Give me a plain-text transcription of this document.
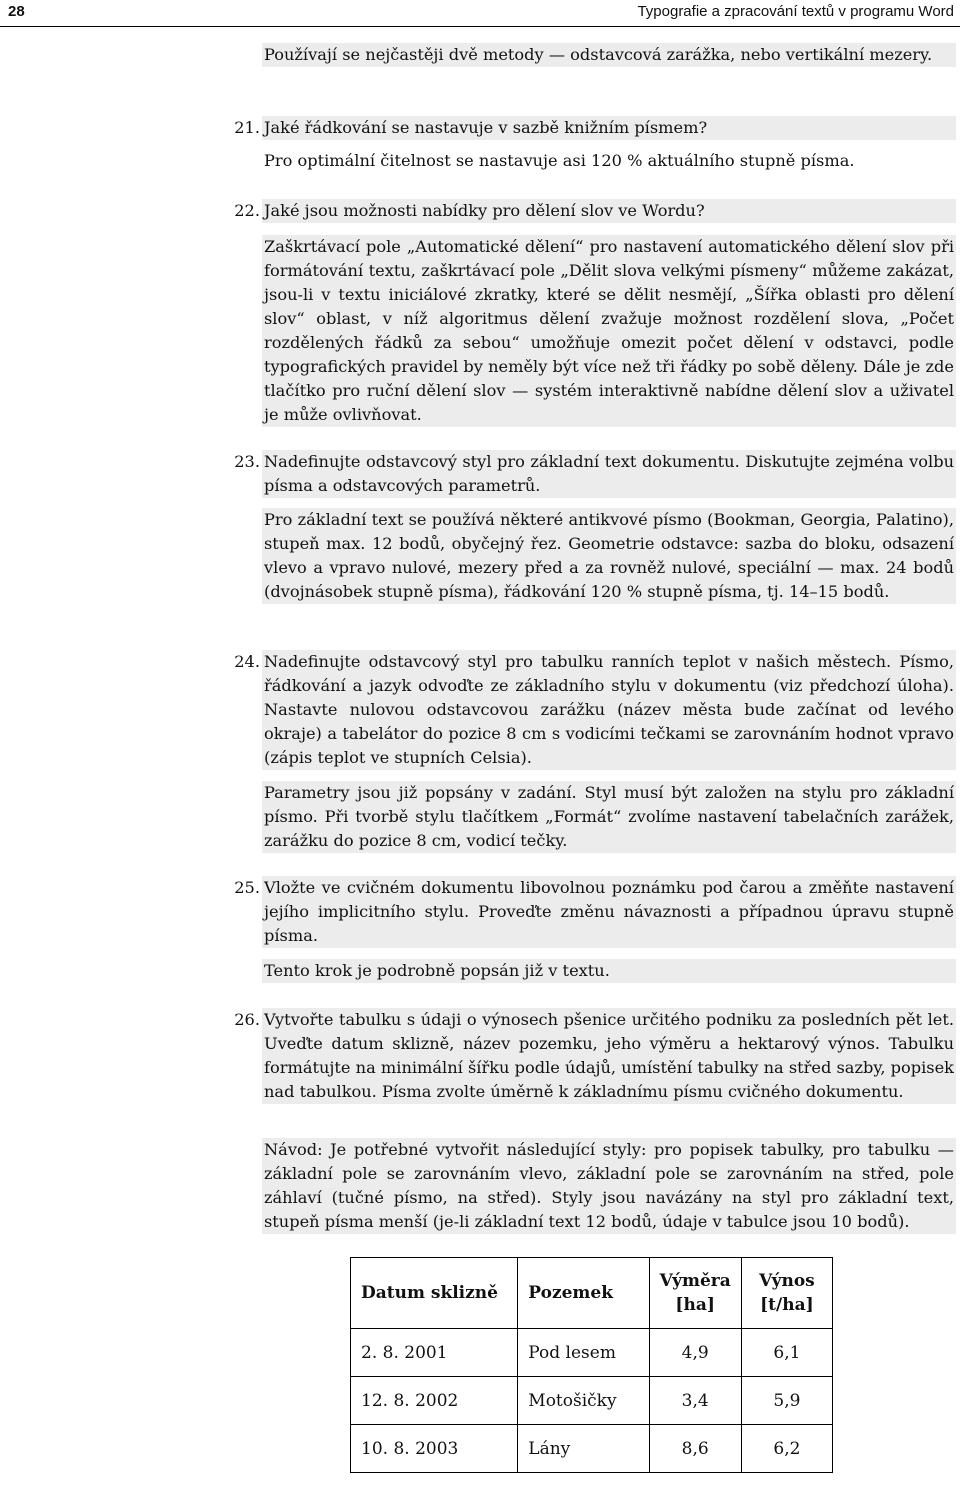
28	Typografie a zpracování textů v programu Word
Používají se nejčastěji dvě metody — odstavcová zarážka, nebo vertikální mezery.
21. Jaké řádkování se nastavuje v sazbě knižním písmem?
Pro optimální čitelnost se nastavuje asi 120 % aktuálního stupně písma.
22. Jaké jsou možnosti nabídky pro dělení slov ve Wordu?
Zaškrtávací pole „Automatické dělení“ pro nastavení automatického dělení slov při formátování textu, zaškrtávací pole „Dělit slova velkými písmeny“ můžeme zakázat, jsou-li v textu iniciálové zkratky, které se dělit nesmějí, „Šířka oblasti pro dělení slov“ oblast, v níž algoritmus dělení zvažuje možnost rozdělení slova, „Počet rozdělených řádků za sebou“ umožňuje omezit počet dělení v odstavci, podle typografických pravidel by neměly být více než tři řádky po sobě děleny. Dále je zde tlačítko pro ruční dělení slov — systém interaktivně nabídne dělení slov a uživatel je může ovlivňovat.
23. Nadefinujte odstavcový styl pro základní text dokumentu. Diskutujte zejména volbu písma a odstavcových parametrů.
Pro základní text se používá některé antikvové písmo (Bookman, Georgia, Palatino), stupeň max. 12 bodů, obyčejný řez. Geometrie odstavce: sazba do bloku, odsazení vlevo a vpravo nulové, mezery před a za rovněž nulové, speciální — max. 24 bodů (dvojnásobek stupně písma), řádkování 120 % stupně písma, tj. 14–15 bodů.
24. Nadefinujte odstavcový styl pro tabulku ranních teplot v našich městech. Písmo, řádkování a jazyk odvoďte ze základního stylu v dokumentu (viz předchozí úloha). Nastavte nulovou odstavcovou zarážku (název města bude začínat od levého okraje) a tabelátor do pozice 8 cm s vodicími tečkami se zarovnáním hodnot vpravo (zápis teplot ve stupních Celsia).
Parametry jsou již popsány v zadání. Styl musí být založen na stylu pro základní písmo. Při tvorbě stylu tlačítkem „Formát“ zvolíme nastavení tabelačních zarážek, zarážku do pozice 8 cm, vodicí tečky.
25. Vložte ve cvičném dokumentu libovolnou poznámku pod čarou a změňte nastavení jejího implicitního stylu. Proveďte změnu návaznosti a případnou úpravu stupně písma.
Tento krok je podrobně popsán již v textu.
26. Vytvořte tabulku s údaji o výnosech pšenice určitého podniku za posledních pět let. Uveďte datum sklizně, název pozemku, jeho výměru a hektarový výnos. Tabulku formátujte na minimální šířku podle údajů, umístění tabulky na střed sazby, popisek nad tabulkou. Písma zvolte úměrně k základnímu písmu cvičného dokumentu.
Návod: Je potřebné vytvořit následující styly: pro popisek tabulky, pro tabulku — základní pole se zarovnáním vlevo, základní pole se zarovnáním na střed, pole záhlaví (tučné písmo, na střed). Styly jsou navázány na styl pro základní text, stupeň písma menší (je-li základní text 12 bodů, údaje v tabulce jsou 10 bodů).
Datum sklizně	Pozemek	Výměra [ha]	Výnos [t/ha]
2. 8. 2001	Pod lesem	4,9	6,1
12. 8. 2002	Motošičky	3,4	5,9
10. 8. 2003	Lány	8,6	6,2
